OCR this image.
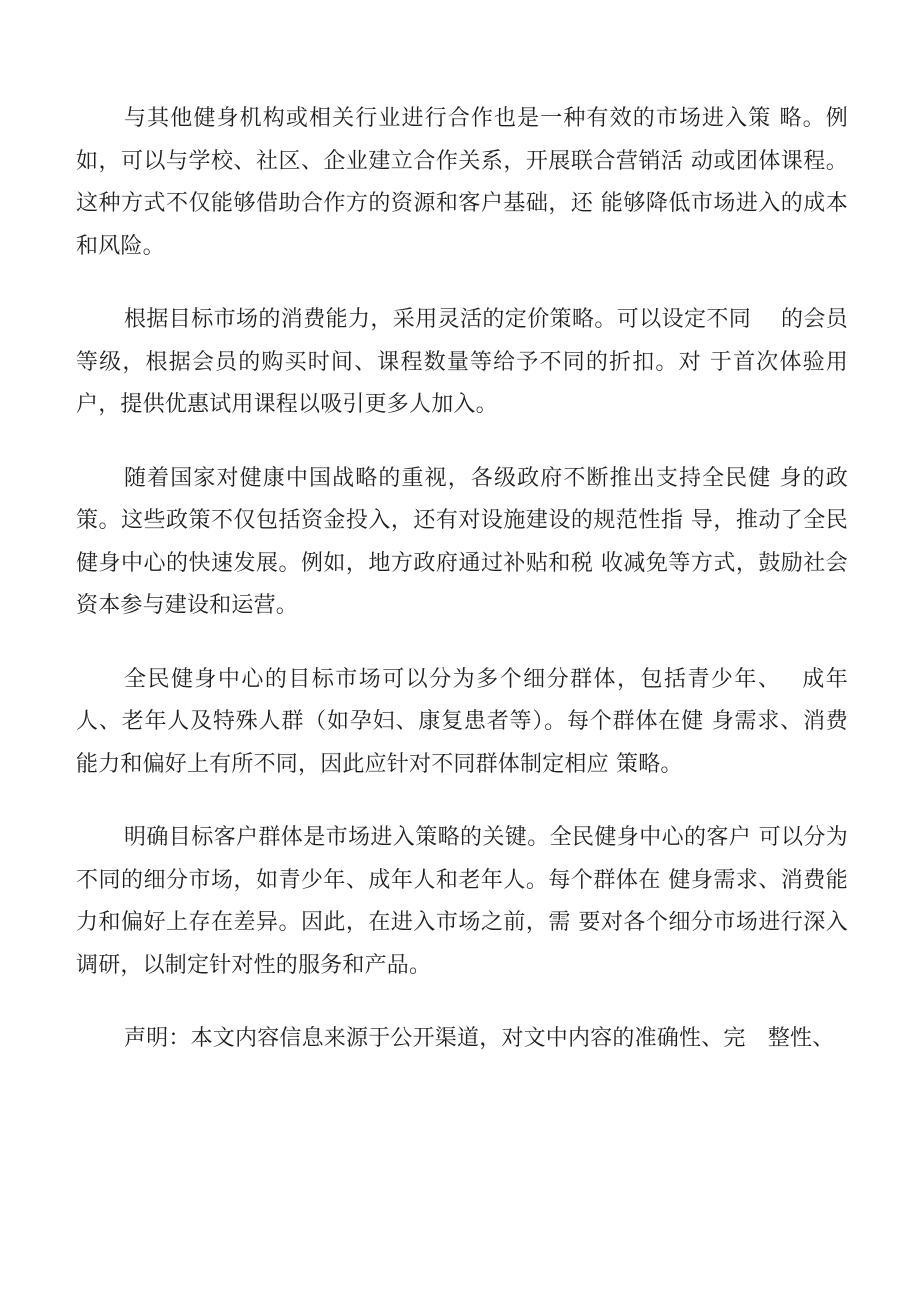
与其他健身机构或相关行业进行合作也是一种有效的市场进入策 略。例如，可以与学校、社区、企业建立合作关系，开展联合营销活 动或团体课程。这种方式不仅能够借助合作方的资源和客户基础，还 能够降低市场进入的成本和风险。

根据目标市场的消费能力，采用灵活的定价策略。可以设定不同　 的会员等级，根据会员的购买时间、课程数量等给予不同的折扣。对 于首次体验用户，提供优惠试用课程以吸引更多人加入。

随着国家对健康中国战略的重视，各级政府不断推出支持全民健 身的政策。这些政策不仅包括资金投入，还有对设施建设的规范性指 导，推动了全民健身中心的快速发展。例如，地方政府通过补贴和税 收减免等方式，鼓励社会资本参与建设和运营。

全民健身中心的目标市场可以分为多个细分群体，包括青少年、　 成年人、老年人及特殊人群（如孕妇、康复患者等）。每个群体在健 身需求、消费能力和偏好上有所不同，因此应针对不同群体制定相应 策略。

明确目标客户群体是市场进入策略的关键。全民健身中心的客户 可以分为不同的细分市场，如青少年、成年人和老年人。每个群体在 健身需求、消费能力和偏好上存在差异。因此，在进入市场之前，需 要对各个细分市场进行深入调研，以制定针对性的服务和产品。

声明：本文内容信息来源于公开渠道，对文中内容的准确性、完　整性、
